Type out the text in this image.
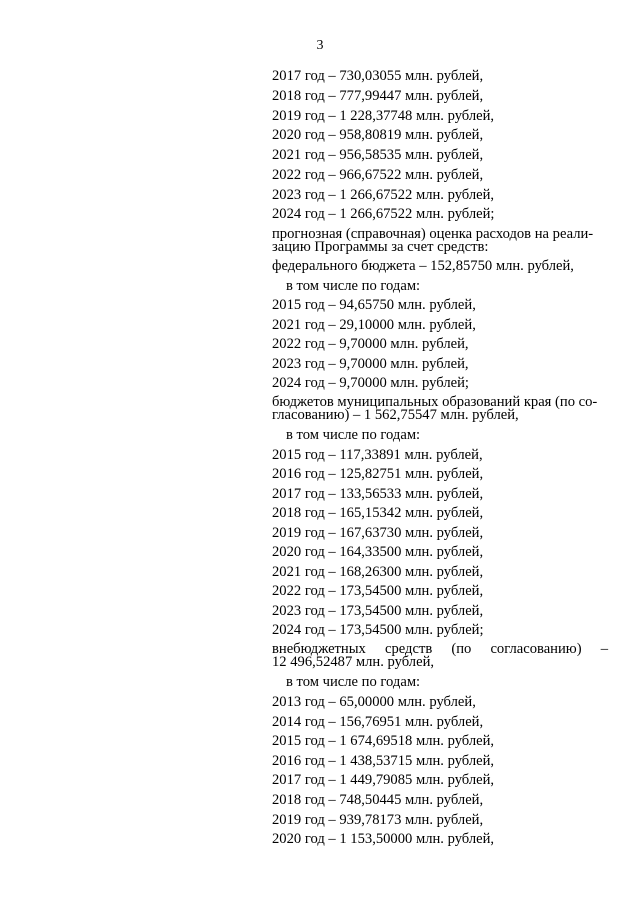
3
2017 год – 730,03055 млн. рублей,
2018 год – 777,99447 млн. рублей,
2019 год – 1 228,37748 млн. рублей,
2020 год – 958,80819 млн. рублей,
2021 год – 956,58535 млн. рублей,
2022 год – 966,67522 млн. рублей,
2023 год – 1 266,67522 млн. рублей,
2024 год – 1 266,67522 млн. рублей;
прогнозная (справочная) оценка расходов на реали-зацию Программы за счет средств:
федерального бюджета – 152,85750 млн. рублей,
в том числе по годам:
2015 год – 94,65750 млн. рублей,
2021 год – 29,10000 млн. рублей,
2022 год – 9,70000 млн. рублей,
2023 год – 9,70000 млн. рублей,
2024 год – 9,70000 млн. рублей;
бюджетов муниципальных образований края (по со-гласованию) – 1 562,75547 млн. рублей,
в том числе по годам:
2015 год – 117,33891 млн. рублей,
2016 год – 125,82751 млн. рублей,
2017 год – 133,56533 млн. рублей,
2018 год – 165,15342 млн. рублей,
2019 год – 167,63730 млн. рублей,
2020 год – 164,33500 млн. рублей,
2021 год – 168,26300 млн. рублей,
2022 год – 173,54500 млн. рублей,
2023 год – 173,54500 млн. рублей,
2024 год – 173,54500 млн. рублей;
внебюджетных средств (по согласованию) –
12 496,52487 млн. рублей,
в том числе по годам:
2013 год – 65,00000 млн. рублей,
2014 год – 156,76951 млн. рублей,
2015 год – 1 674,69518 млн. рублей,
2016 год – 1 438,53715 млн. рублей,
2017 год – 1 449,79085 млн. рублей,
2018 год – 748,50445 млн. рублей,
2019 год – 939,78173 млн. рублей,
2020 год – 1 153,50000 млн. рублей,
